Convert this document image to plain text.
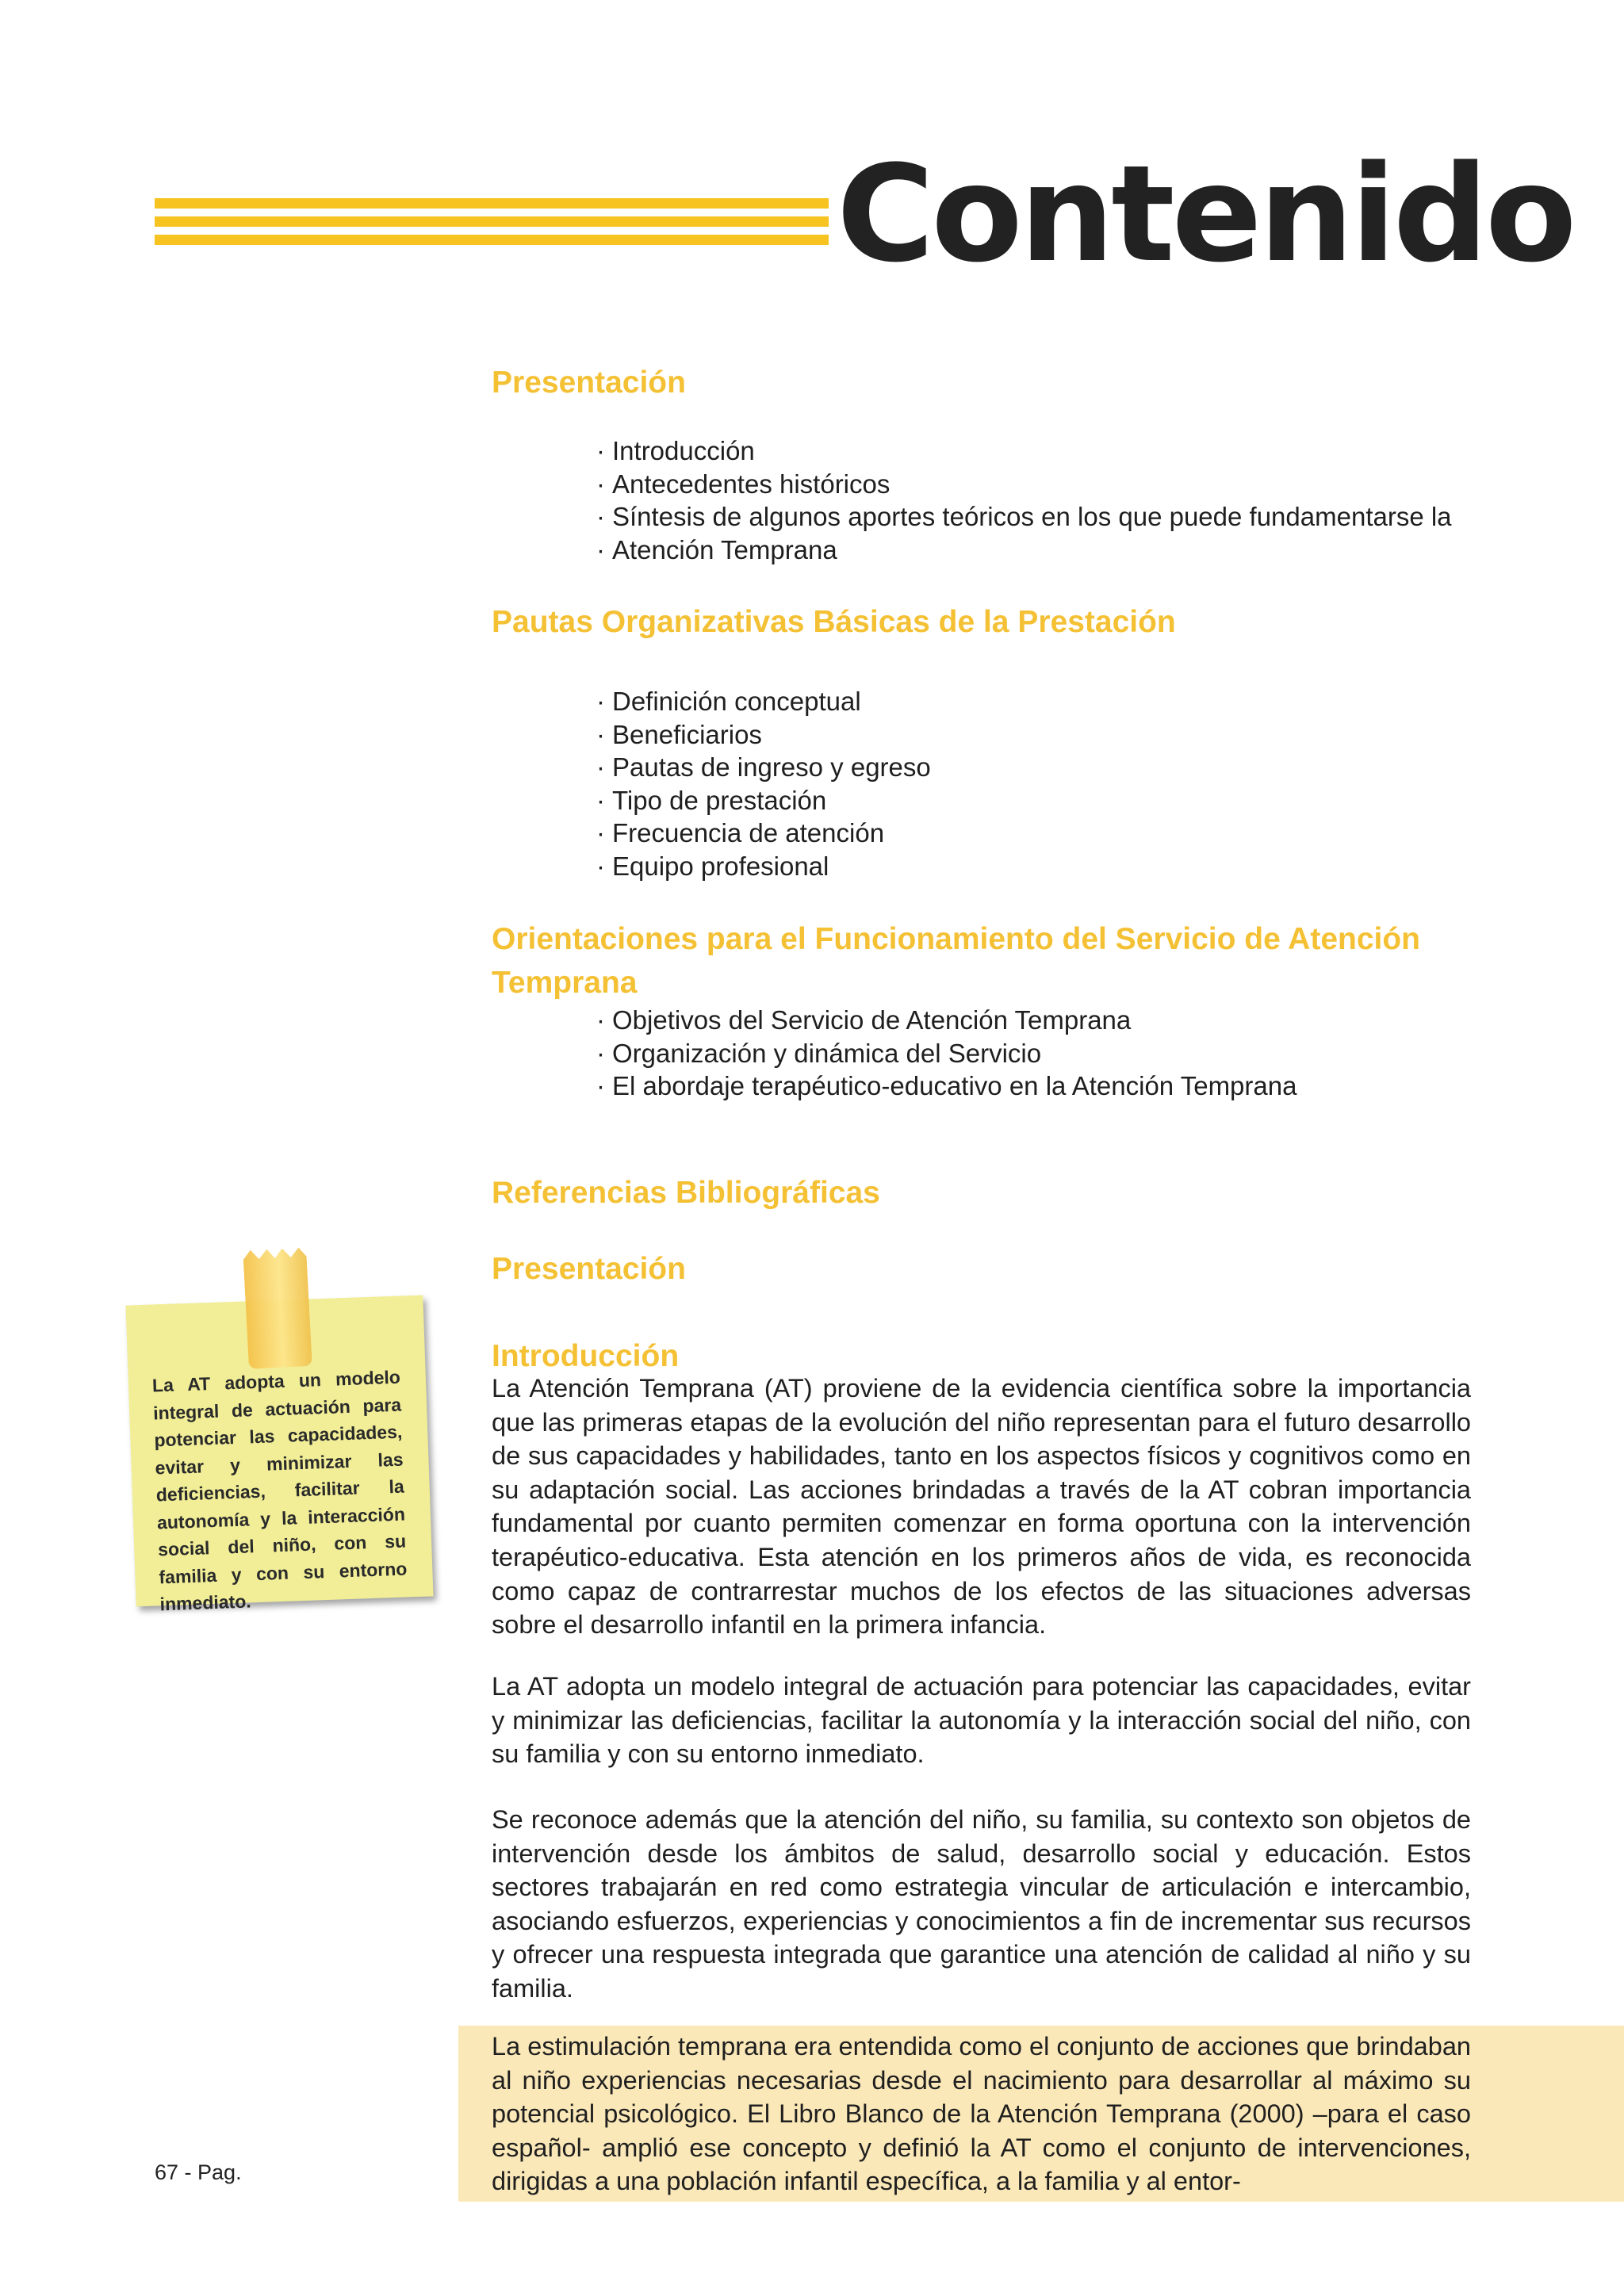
Contenido
Presentación
· Introducción
· Antecedentes históricos
· Síntesis de algunos aportes teóricos en los que puede fundamentarse la
· Atención Temprana
Pautas Organizativas Básicas de la Prestación
· Definición conceptual
· Beneficiarios
· Pautas de ingreso y egreso
· Tipo de prestación
· Frecuencia de atención
· Equipo profesional
Orientaciones para el Funcionamiento del Servicio de Atención Temprana
· Objetivos del Servicio de Atención Temprana
· Organización y dinámica del Servicio
· El abordaje terapéutico-educativo en la Atención Temprana
Referencias Bibliográficas
Presentación
Introducción

La Atención Temprana (AT) proviene de la evidencia científica sobre la importancia que las primeras etapas de la evolución del niño representan para el futuro desarrollo de sus capacidades y habilidades, tanto en los aspectos físicos y cognitivos como en su adaptación social. Las acciones brindadas a través de la AT cobran importancia fundamental por cuanto permiten comenzar en forma oportuna con la intervención terapéutico-educativa. Esta atención en los primeros años de vida, es reconocida como capaz de contrarrestar muchos de los efectos de las situaciones adversas sobre el desarrollo infantil en la primera infancia.

La AT adopta un modelo integral de actuación para potenciar las capacidades, evitar y minimizar las deficiencias, facilitar la autonomía y la interacción social del niño, con su familia y con su entorno inmediato.

Se reconoce además que la atención del niño, su familia, su contexto son objetos de intervención desde los ámbitos de salud, desarrollo social y educación. Estos sectores trabajarán en red como estrategia vincular de articulación e intercambio, asociando esfuerzos, experiencias y conocimientos a fin de incrementar sus recursos y ofrecer una respuesta integrada que garantice una atención de calidad al niño y su familia.

La estimulación temprana era entendida como el conjunto de acciones que brindaban al niño experiencias necesarias desde el nacimiento para desarrollar al máximo su potencial psicológico. El Libro Blanco de la Atención Temprana (2000) –para el caso español- amplió ese concepto y definió la AT como el conjunto de intervenciones, dirigidas a una población infantil específica, a la familia y al entor-

La AT adopta un modelo integral de actuación para potenciar las capacidades, evitar y minimizar las deficiencias, facilitar la autonomía y la interacción social del niño, con su familia y con su entorno inmediato.

67 - Pag.
